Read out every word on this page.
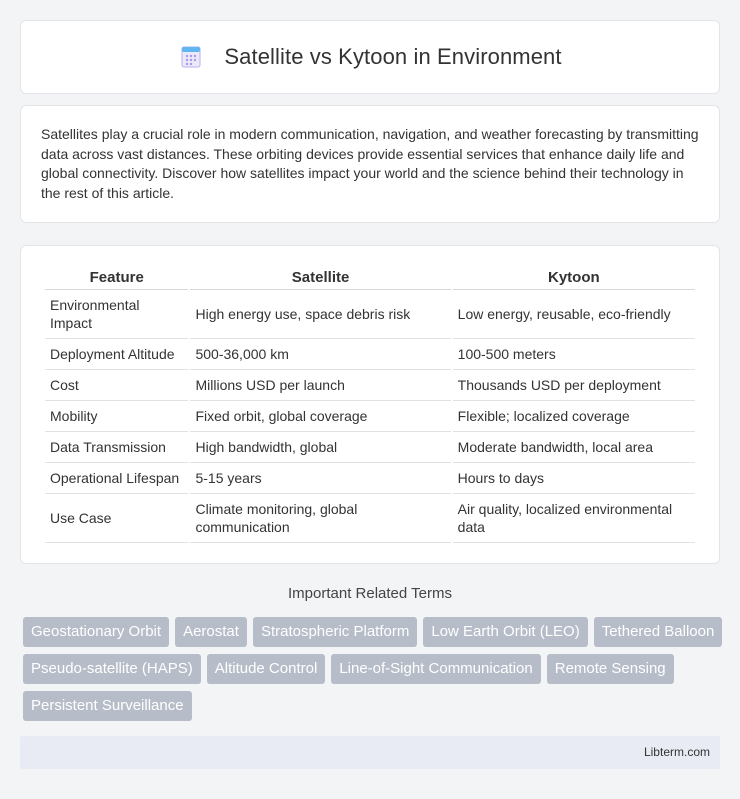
Satellite vs Kytoon in Environment

Satellites play a crucial role in modern communication, navigation, and weather forecasting by transmitting data across vast distances. These orbiting devices provide essential services that enhance daily life and global connectivity. Discover how satellites impact your world and the science behind their technology in the rest of this article.

Feature	Satellite	Kytoon
Environmental Impact	High energy use, space debris risk	Low energy, reusable, eco-friendly
Deployment Altitude	500-36,000 km	100-500 meters
Cost	Millions USD per launch	Thousands USD per deployment
Mobility	Fixed orbit, global coverage	Flexible; localized coverage
Data Transmission	High bandwidth, global	Moderate bandwidth, local area
Operational Lifespan	5-15 years	Hours to days
Use Case	Climate monitoring, global communication	Air quality, localized environmental data
Important Related Terms
Geostationary Orbit	Aerostat	Stratospheric Platform	Low Earth Orbit (LEO)	Tethered Balloon
Pseudo-satellite (HAPS)	Altitude Control	Line-of-Sight Communication	Remote Sensing
Persistent Surveillance
Libterm.com
